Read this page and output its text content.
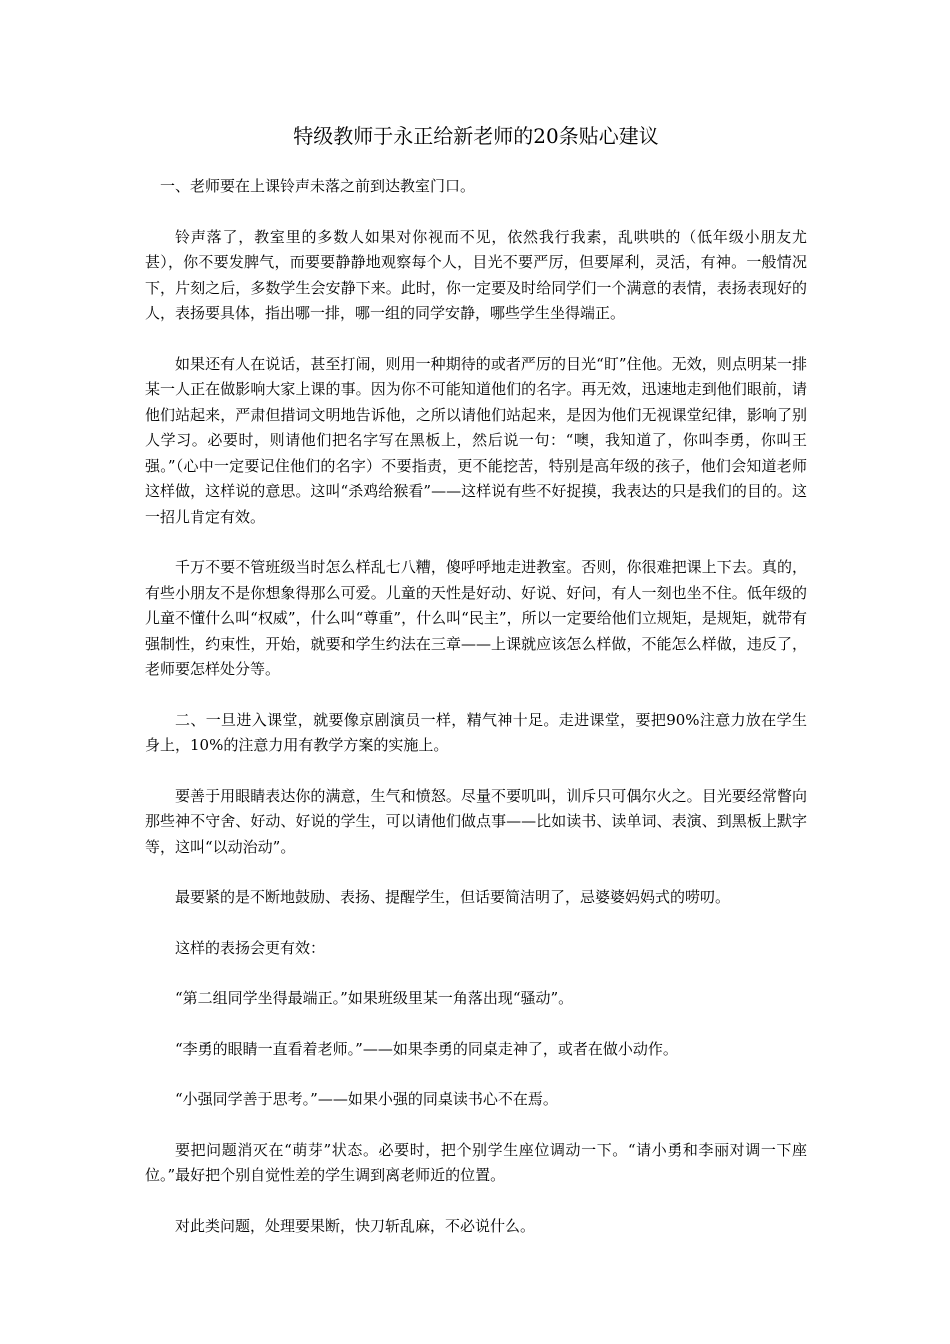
特级教师于永正给新老师的20条贴心建议

一、老师要在上课铃声未落之前到达教室门口。

铃声落了，教室里的多数人如果对你视而不见，依然我行我素，乱哄哄的（低年级小朋友尤甚），你不要发脾气，而要要静静地观察每个人，目光不要严厉，但要犀利，灵活，有神。一般情况下，片刻之后，多数学生会安静下来。此时，你一定要及时给同学们一个满意的表情，表扬表现好的人，表扬要具体，指出哪一排，哪一组的同学安静，哪些学生坐得端正。

如果还有人在说话，甚至打闹，则用一种期待的或者严厉的目光“盯”住他。无效，则点明某一排某一人正在做影响大家上课的事。因为你不可能知道他们的名字。再无效，迅速地走到他们眼前，请他们站起来，严肃但措词文明地告诉他，之所以请他们站起来，是因为他们无视课堂纪律，影响了别人学习。必要时，则请他们把名字写在黑板上，然后说一句：“噢，我知道了，你叫李勇，你叫王强。”（心中一定要记住他们的名字）不要指责，更不能挖苦，特别是高年级的孩子，他们会知道老师这样做，这样说的意思。这叫“杀鸡给猴看”——这样说有些不好捉摸，我表达的只是我们的目的。这一招儿肯定有效。

千万不要不管班级当时怎么样乱七八糟，傻呼呼地走进教室。否则，你很难把课上下去。真的，有些小朋友不是你想象得那么可爱。儿童的天性是好动、好说、好问，有人一刻也坐不住。低年级的儿童不懂什么叫“权威”，什么叫“尊重”，什么叫“民主”，所以一定要给他们立规矩，是规矩，就带有强制性，约束性，开始，就要和学生约法在三章——上课就应该怎么样做，不能怎么样做，违反了，老师要怎样处分等。

二、一旦进入课堂，就要像京剧演员一样，精气神十足。走进课堂，要把90%注意力放在学生身上，10%的注意力用有教学方案的实施上。

要善于用眼睛表达你的满意，生气和愤怒。尽量不要叽叫，训斥只可偶尔火之。目光要经常瞥向那些神不守舍、好动、好说的学生，可以请他们做点事——比如读书、读单词、表演、到黑板上默字等，这叫“以动治动”。

最要紧的是不断地鼓励、表扬、提醒学生，但话要简洁明了，忌婆婆妈妈式的唠叨。

这样的表扬会更有效：

“第二组同学坐得最端正。”如果班级里某一角落出现“骚动”。

“李勇的眼睛一直看着老师。”——如果李勇的同桌走神了，或者在做小动作。

“小强同学善于思考。”——如果小强的同桌读书心不在焉。

要把问题消灭在“萌芽”状态。必要时，把个别学生座位调动一下。“请小勇和李丽对调一下座位。”最好把个别自觉性差的学生调到离老师近的位置。

对此类问题，处理要果断，快刀斩乱麻，不必说什么。
